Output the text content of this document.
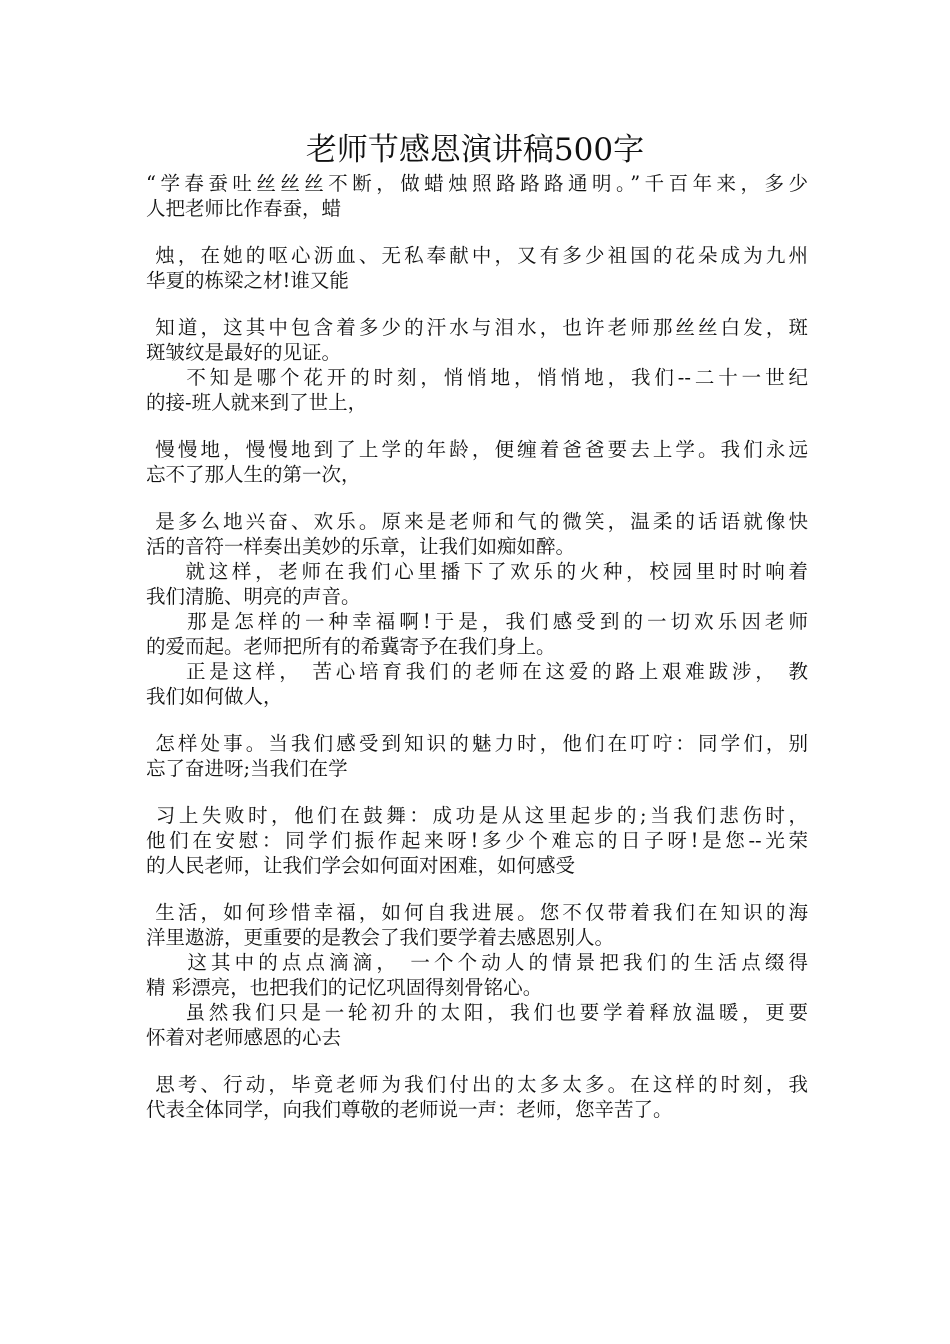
老师节感恩演讲稿500字
“学春蚕吐丝丝丝不断，做蜡烛照路路路通明。”千百年来，多少
人把老师比作春蚕，蜡
烛，在她的呕心沥血、无私奉献中，又有多少祖国的花朵成为九州
华夏的栋梁之材!谁又能
知道，这其中包含着多少的汗水与泪水，也许老师那丝丝白发，斑
斑皱纹是最好的见证。
不知是哪个花开的时刻，悄悄地，悄悄地，我们--二十一世纪
的接-班人就来到了世上，
慢慢地，慢慢地到了上学的年龄，便缠着爸爸要去上学。我们永远
忘不了那人生的第一次，
是多么地兴奋、欢乐。原来是老师和气的微笑，温柔的话语就像快
活的音符一样奏出美妙的乐章，让我们如痴如醉。
就这样，老师在我们心里播下了欢乐的火种，校园里时时响着
我们清脆、明亮的声音。
那是怎样的一种幸福啊!于是，我们感受到的一切欢乐因老师
的爱而起。老师把所有的希冀寄予在我们身上。
正是这样， 苦心培育我们的老师在这爱的路上艰难跋涉， 教
我们如何做人，
怎样处事。当我们感受到知识的魅力时，他们在叮咛：同学们，别
忘了奋进呀;当我们在学
习上失败时，他们在鼓舞：成功是从这里起步的;当我们悲伤时，
他们在安慰：同学们振作起来呀!多少个难忘的日子呀!是您--光荣
的人民老师，让我们学会如何面对困难，如何感受
生活，如何珍惜幸福，如何自我进展。您不仅带着我们在知识的海
洋里遨游，更重要的是教会了我们要学着去感恩别人。
这其中的点点滴滴， 一个个动人的情景把我们的生活点缀得
精 彩漂亮，也把我们的记忆巩固得刻骨铭心。
虽然我们只是一轮初升的太阳，我们也要学着释放温暖，更要
怀着对老师感恩的心去
思考、行动，毕竟老师为我们付出的太多太多。在这样的时刻，我
代表全体同学，向我们尊敬的老师说一声：老师，您辛苦了。
